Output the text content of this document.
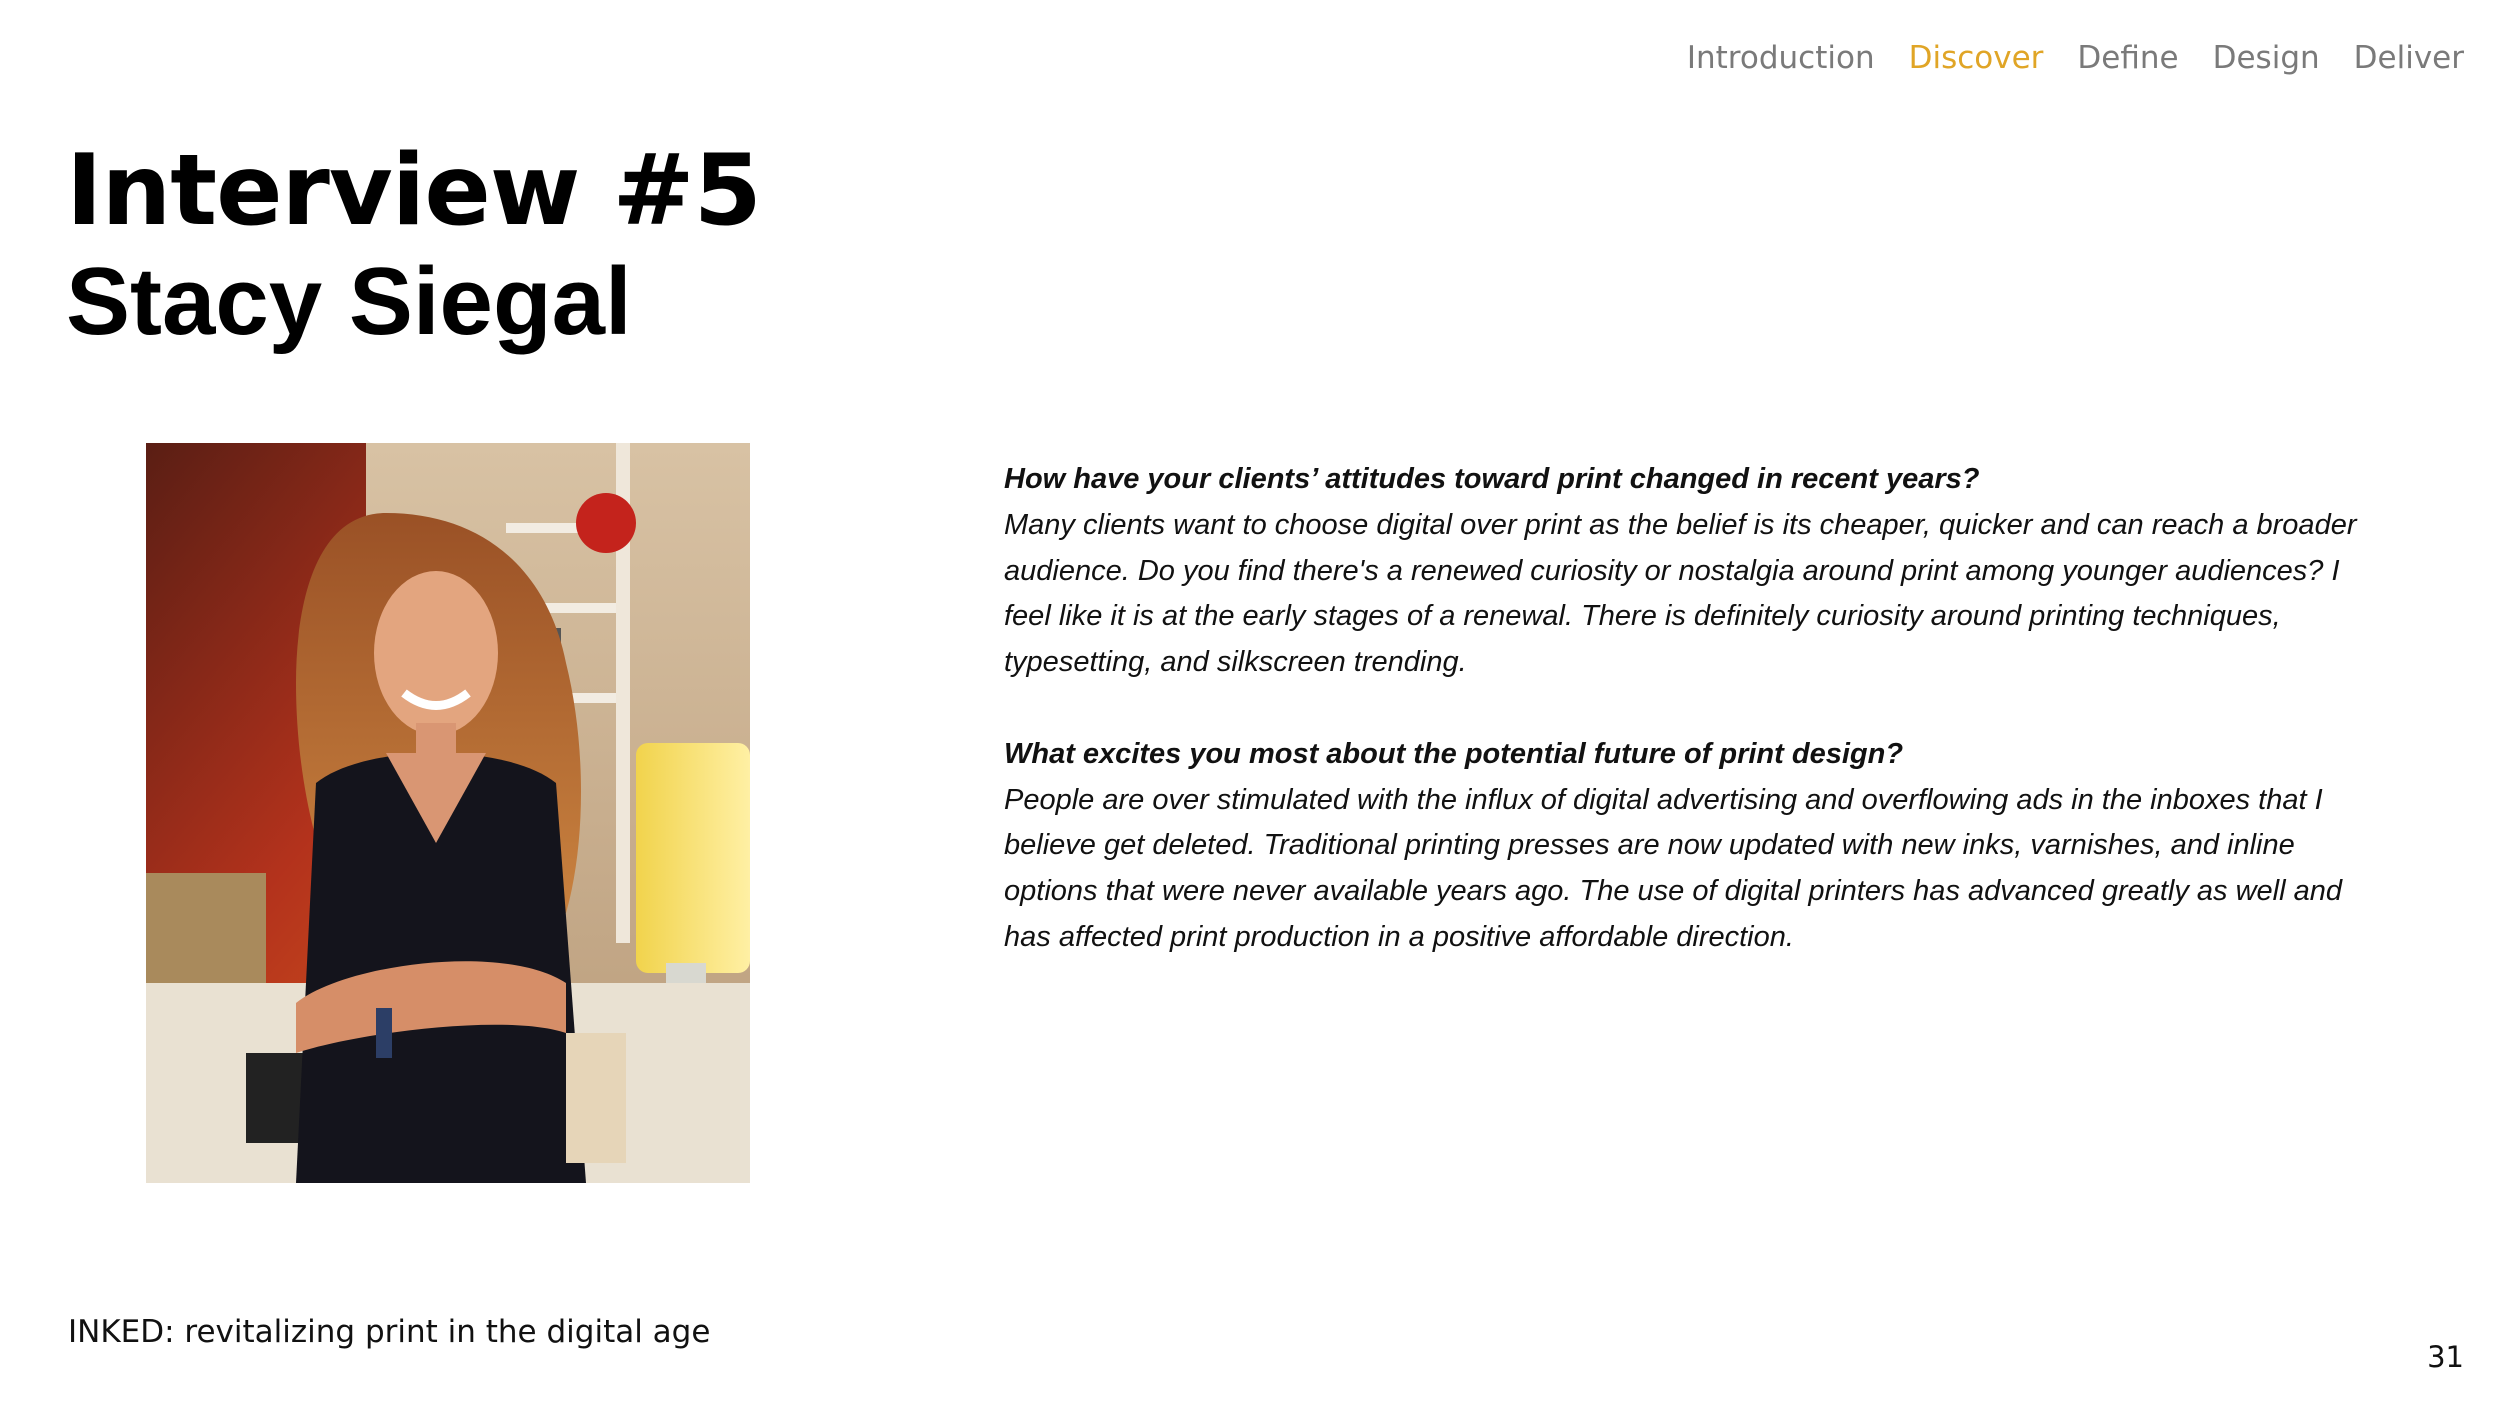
Introduction Discover Define Design Deliver
Interview #5
Stacy Siegal

How have your clients’ attitudes toward print changed in recent years?

Many clients want to choose digital over print as the belief is its cheaper, quicker and can reach a broader audience. Do you find there's a renewed curiosity or nostalgia around print among younger audiences? I feel like it is at the early stages of a renewal. There is definitely curiosity around printing techniques, typesetting, and silkscreen trending.

What excites you most about the potential future of print design?

People are over stimulated with the influx of digital advertising and overflowing ads in the inboxes that I believe get deleted. Traditional printing presses are now updated with new inks, varnishes, and inline options that were never available years ago. The use of digital printers has advanced greatly as well and has affected print production in a positive affordable direction.

INKED: revitalizing print in the digital age
31
